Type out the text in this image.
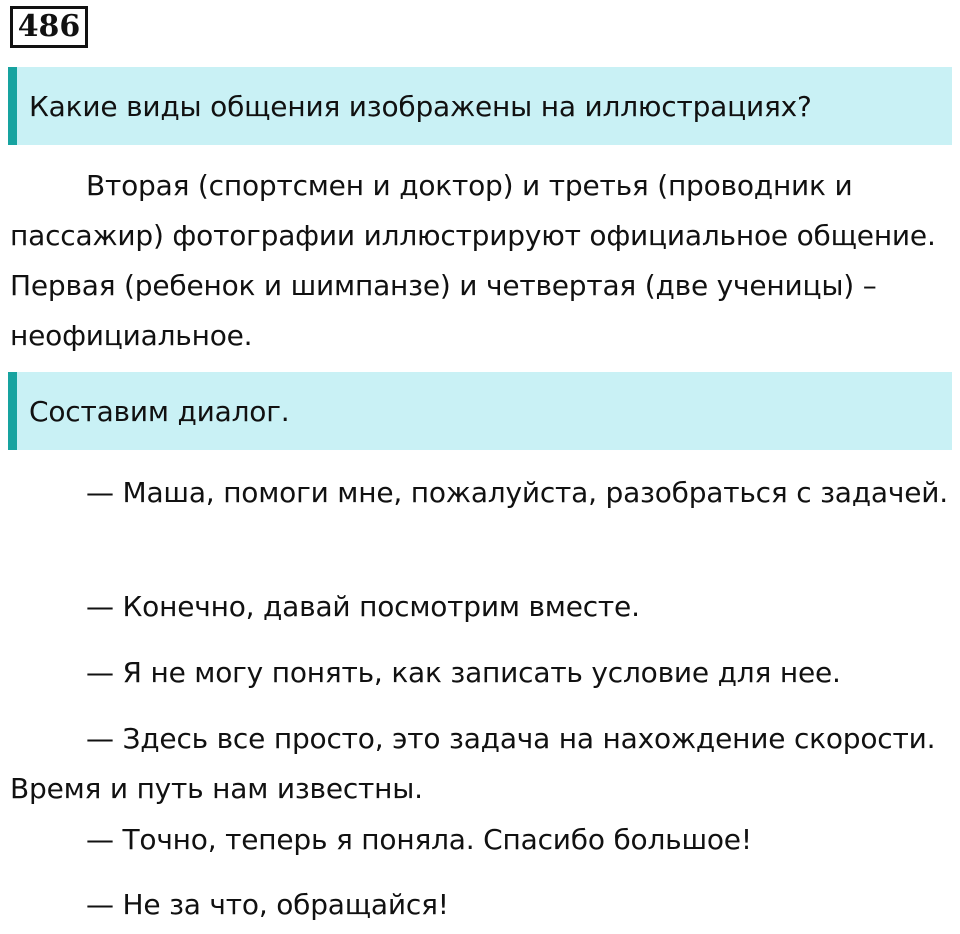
486
Какие виды общения изображены на иллюстрациях?

Вторая (спортсмен и доктор) и третья (проводник и пассажир) фотографии иллюстрируют официальное общение. Первая (ребенок и шимпанзе) и четвертая (две ученицы) – неофициальное.

Составим диалог.

— Маша, помоги мне, пожалуйста, разобраться с задачей.

— Конечно, давай посмотрим вместе.

— Я не могу понять, как записать условие для нее.

— Здесь все просто, это задача на нахождение скорости. Время и путь нам известны.

— Точно, теперь я поняла. Спасибо большое!

— Не за что, обращайся!
